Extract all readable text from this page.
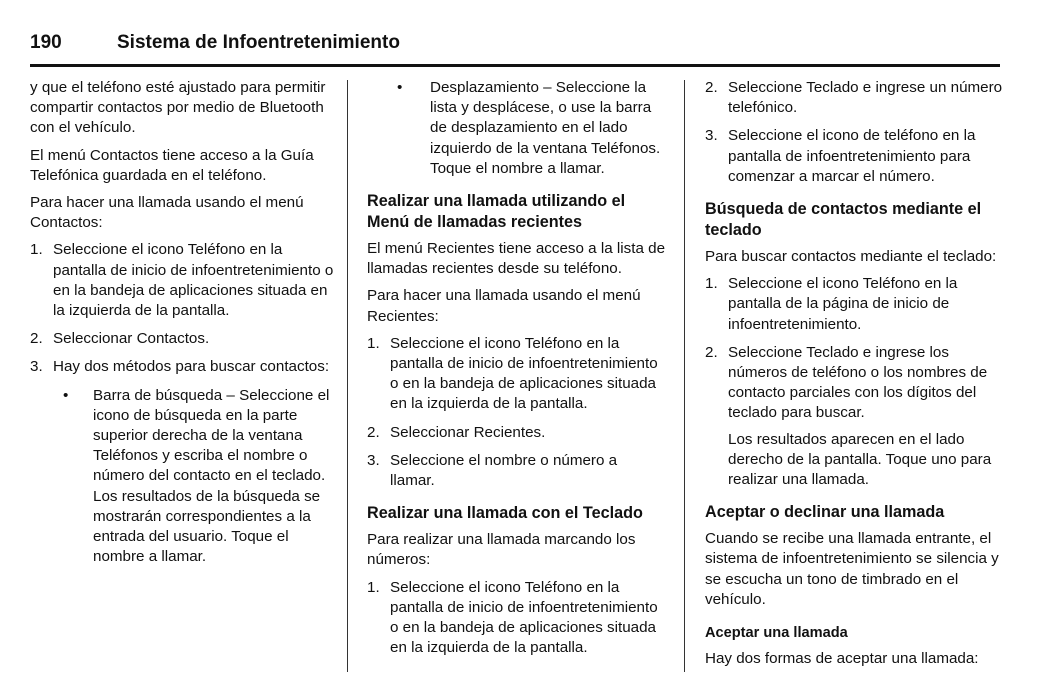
190	Sistema de Infoentretenimiento

y que el teléfono esté ajustado para permitir compartir contactos por medio de Bluetooth con el vehículo.

El menú Contactos tiene acceso a la Guía Telefónica guardada en el teléfono.

Para hacer una llamada usando el menú Contactos:

1. Seleccione el icono Teléfono en la pantalla de inicio de infoentretenimiento o en la bandeja de aplicaciones situada en la izquierda de la pantalla.
2. Seleccionar Contactos.
3. Hay dos métodos para buscar contactos:
• Barra de búsqueda – Seleccione el icono de búsqueda en la parte superior derecha de la ventana Teléfonos y escriba el nombre o número del contacto en el teclado. Los resultados de la búsqueda se mostrarán correspondientes a la entrada del usuario. Toque el nombre a llamar.
• Desplazamiento – Seleccione la lista y desplácese, o use la barra de desplazamiento en el lado izquierdo de la ventana Teléfonos. Toque el nombre a llamar.
Realizar una llamada utilizando el Menú de llamadas recientes

El menú Recientes tiene acceso a la lista de llamadas recientes desde su teléfono.

Para hacer una llamada usando el menú Recientes:

1. Seleccione el icono Teléfono en la pantalla de inicio de infoentretenimiento o en la bandeja de aplicaciones situada en la izquierda de la pantalla.
2. Seleccionar Recientes.
3. Seleccione el nombre o número a llamar.
Realizar una llamada con el Teclado

Para realizar una llamada marcando los números:

1. Seleccione el icono Teléfono en la pantalla de inicio de infoentretenimiento o en la bandeja de aplicaciones situada en la izquierda de la pantalla.
2. Seleccione Teclado e ingrese un número telefónico.
3. Seleccione el icono de teléfono en la pantalla de infoentretenimiento para comenzar a marcar el número.
Búsqueda de contactos mediante el teclado

Para buscar contactos mediante el teclado:

1. Seleccione el icono Teléfono en la pantalla de la página de inicio de infoentretenimiento.
2. Seleccione Teclado e ingrese los números de teléfono o los nombres de contacto parciales con los dígitos del teclado para buscar.
Los resultados aparecen en el lado derecho de la pantalla. Toque uno para realizar una llamada.
Aceptar o declinar una llamada

Cuando se recibe una llamada entrante, el sistema de infoentretenimiento se silencia y se escucha un tono de timbrado en el vehículo.

Aceptar una llamada

Hay dos formas de aceptar una llamada:
